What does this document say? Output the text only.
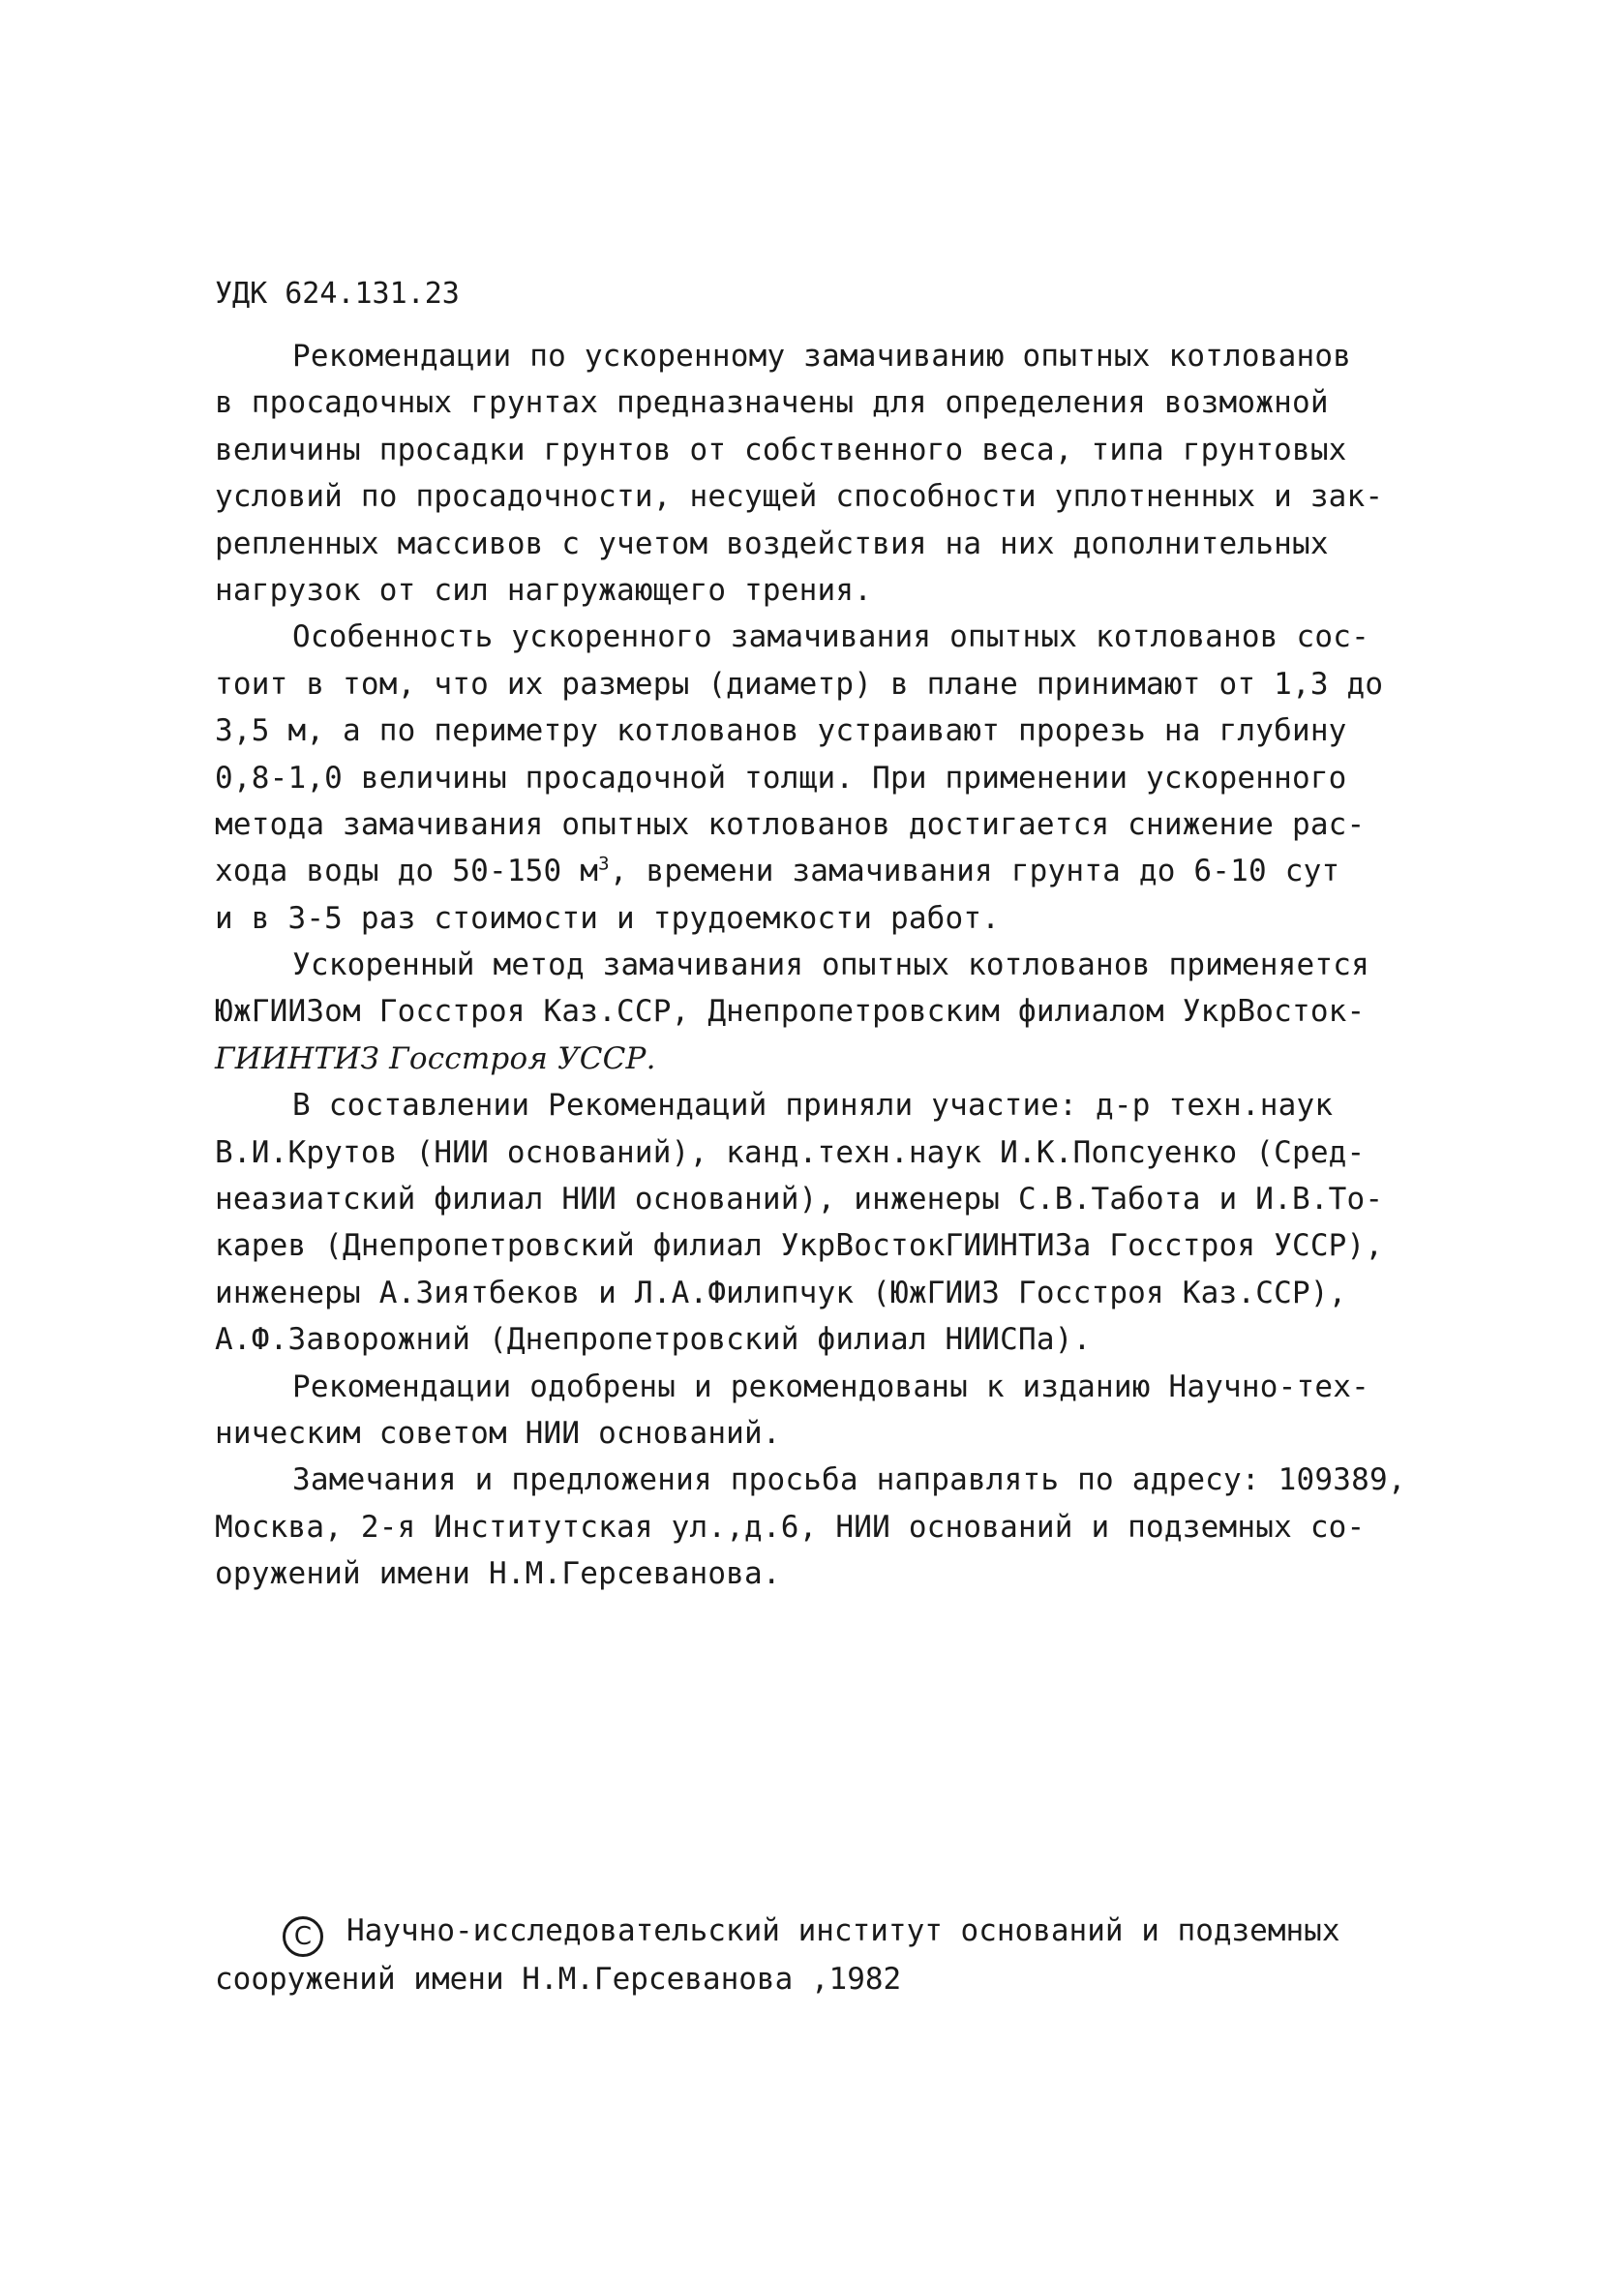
УДК 624.131.23
Рекомендации по ускоренному замачиванию опытных котлованов
в просадочных грунтах предназначены для определения возможной
величины просадки грунтов от собственного веса, типа грунтовых
условий по просадочности, несущей способности уплотненных и зак-
репленных массивов с учетом воздействия на них дополнительных
нагрузок от сил нагружающего трения.
Особенность ускоренного замачивания опытных котлованов сос-
тоит в том, что их размеры (диаметр) в плане принимают от 1,3 до
3,5 м, а по периметру котлованов устраивают прорезь на глубину
0,8-1,0 величины просадочной толщи. При применении ускоренного
метода замачивания опытных котлованов достигается снижение рас-
хода воды до 50-150 $м^3$, времени замачивания грунта до 6-10 сут
и в 3-5 раз стоимости и трудоемкости работ.
Ускоренный метод замачивания опытных котлованов применяется
ЮжГИИЗом Госстроя Каз.ССР, Днепропетровским филиалом УкрВосток-
ГИИНТИЗ Госстроя УССР.
В составлении Рекомендаций приняли участие: д-р техн.наук
В.И.Крутов (НИИ оснований), канд.техн.наук И.К.Попсуенко (Сред-
неазиатский филиал НИИ оснований), инженеры С.В.Табота и И.В.То-
карев (Днепропетровский филиал УкрВостокГИИНТИЗа Госстроя УССР),
инженеры А.Зиятбеков и Л.А.Филипчук (ЮжГИИЗ Госстроя Каз.ССР),
А.Ф.Заворожний (Днепропетровский филиал НИИСПа).
Рекомендации одобрены и рекомендованы к изданию Научно-тех-
ническим советом НИИ оснований.
Замечания и предложения просьба направлять по адресу: 109389,
Москва, 2-я Институтская ул.,д.6, НИИ оснований и подземных со-
оружений имени Н.М.Герсеванова.
C Научно-исследовательский институт оснований и подземных
сооружений имени Н.М.Герсеванова ,1982
